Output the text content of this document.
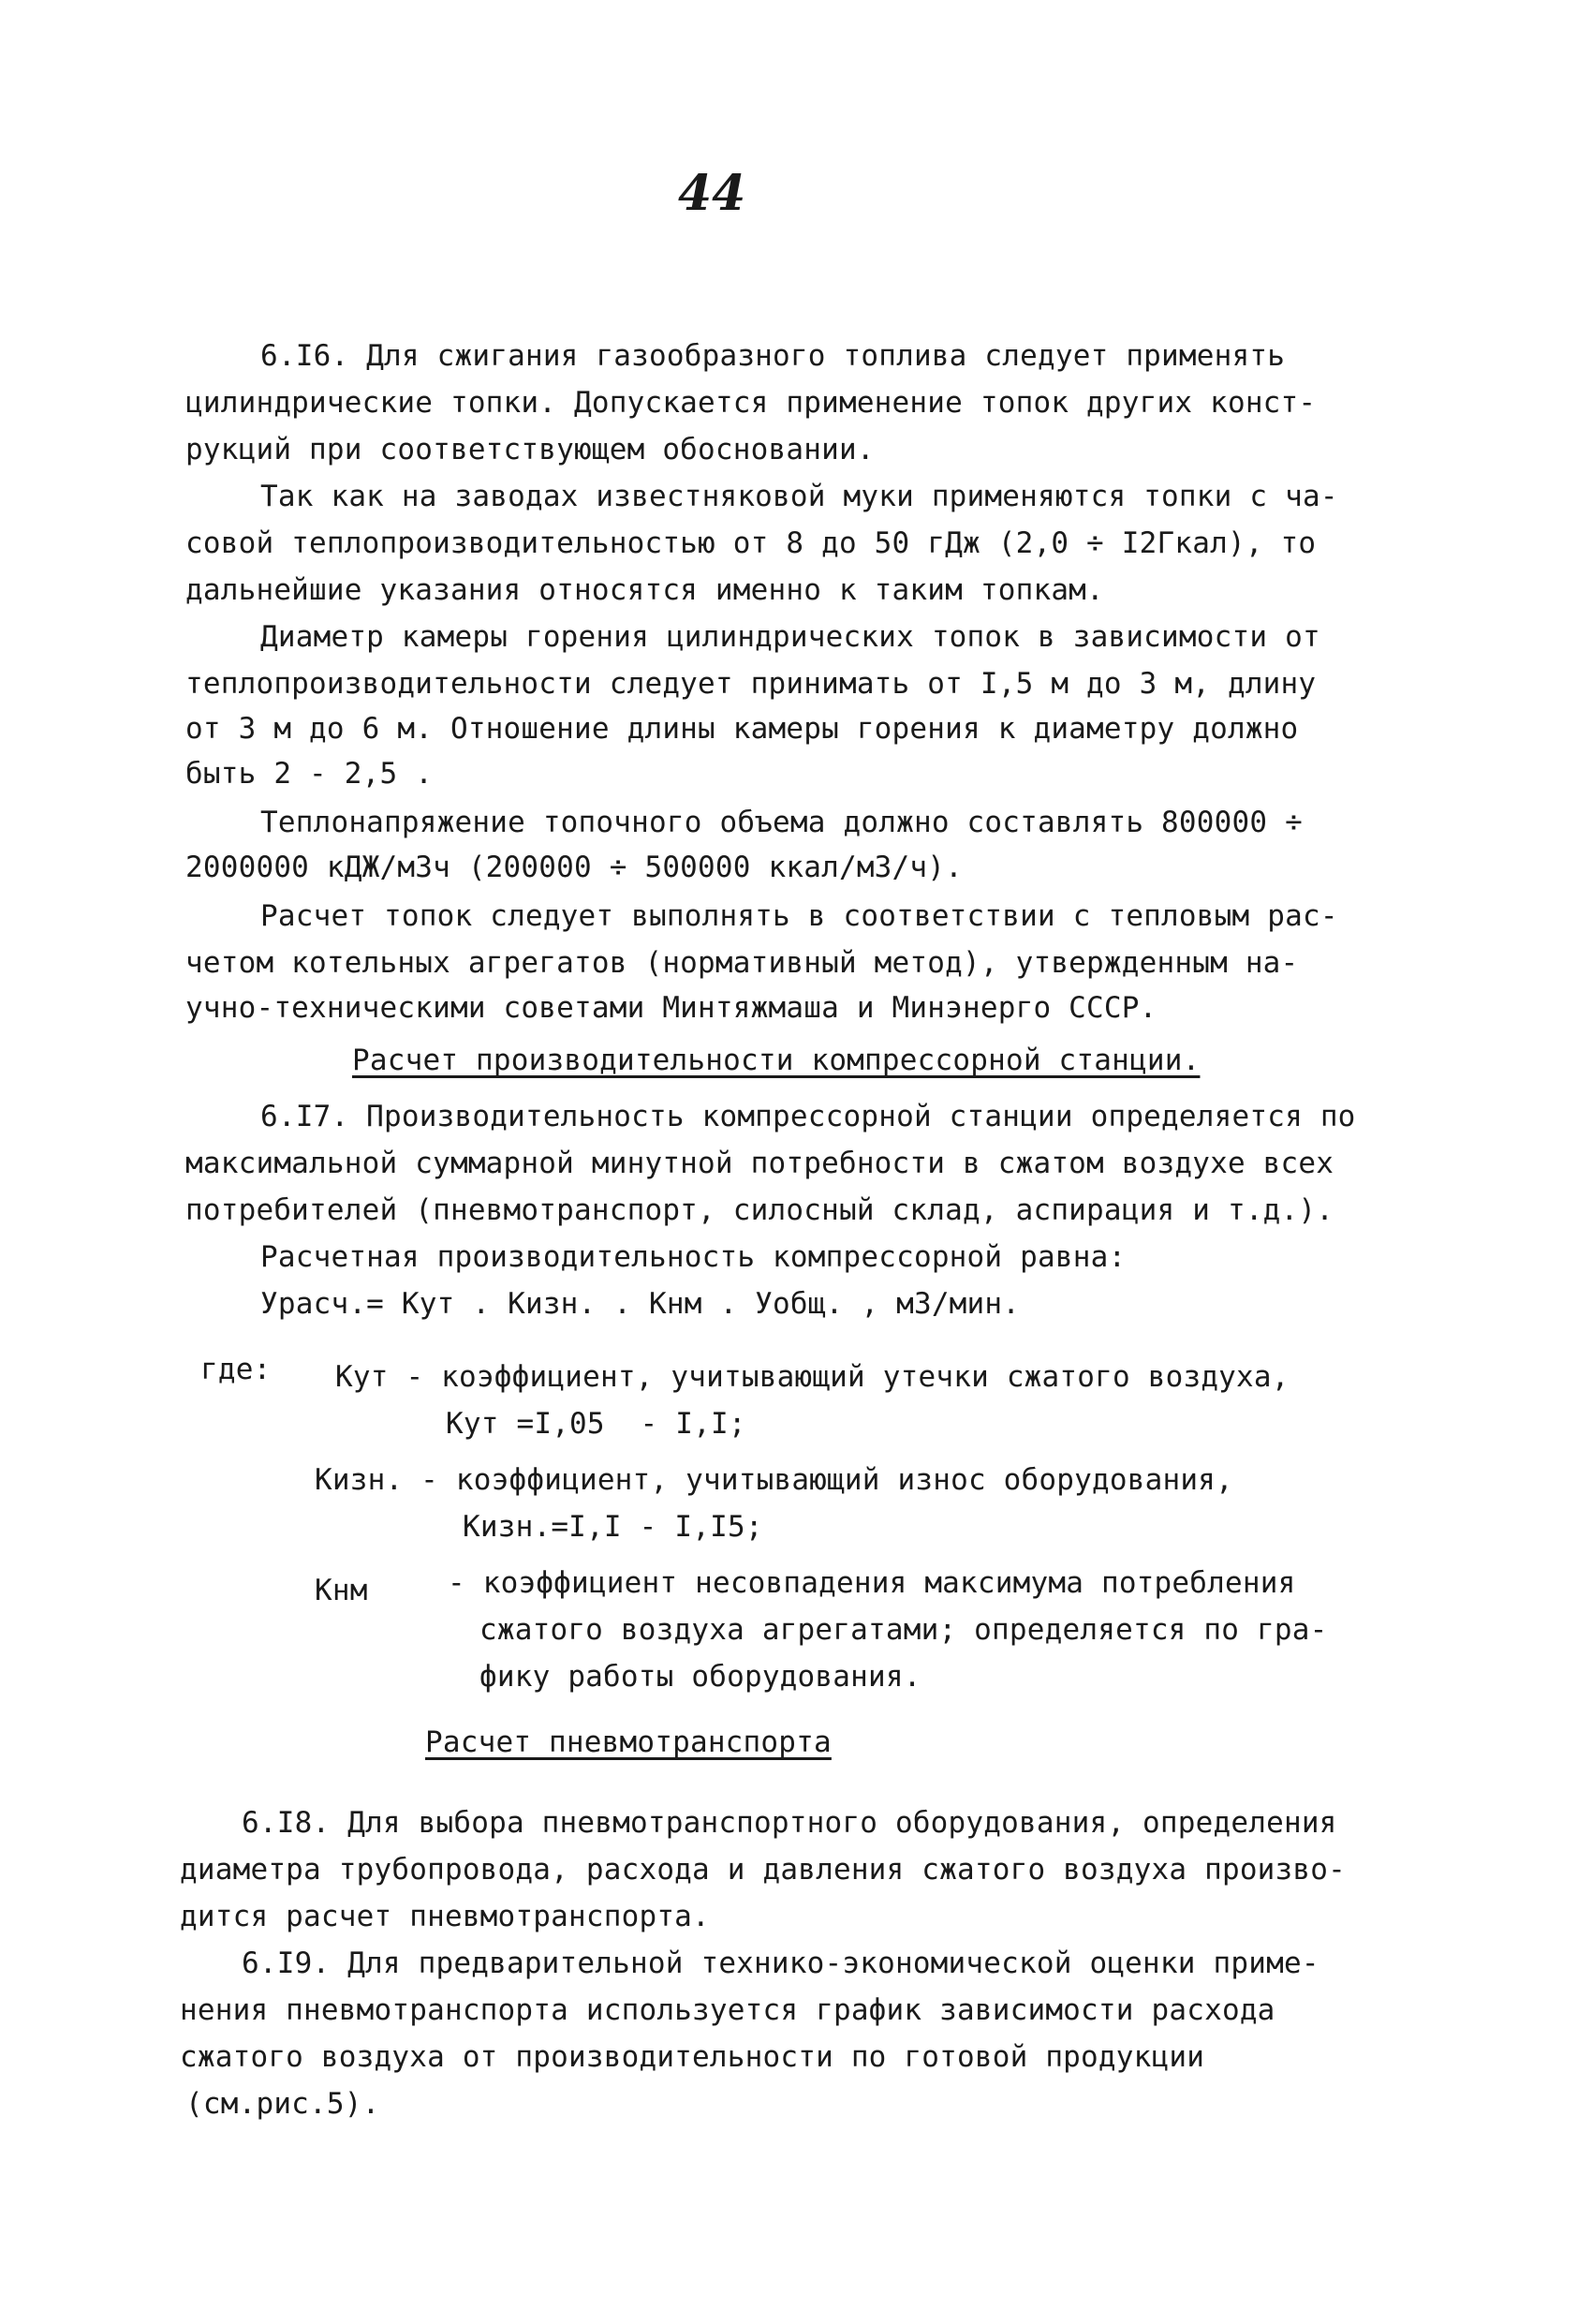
44
6.I6. Для сжигания газообразного топлива следует применять
цилиндрические топки. Допускается применение топок других конст-
рукций при соответствующем обосновании.
Так как на заводах известняковой муки применяются топки с ча-
совой теплопроизводительностью от 8 до 50 гДж (2,0 ÷ I2Гкал), то
дальнейшие указания относятся именно к таким топкам.
Диаметр камеры горения цилиндрических топок в зависимости от
теплопроизводительности следует принимать от I,5 м до 3 м, длину
от 3 м до 6 м. Отношение длины камеры горения к диаметру должно
быть 2 - 2,5 .
Теплонапряжение топочного объема должно составлять 800000 ÷
2000000 кДЖ/м3ч (200000 ÷ 500000 ккал/м3/ч).
Расчет топок следует выполнять в соответствии с тепловым рас-
четом котельных агрегатов (нормативный метод), утвержденным на-
учно-техническими советами Минтяжмаша и Минэнерго СССР.
Расчет производительности компрессорной станции.
6.I7. Производительность компрессорной станции определяется по
максимальной суммарной минутной потребности в сжатом воздухе всех
потребителей (пневмотранспорт, силосный склад, аспирация и т.д.).
Расчетная производительность компрессорной равна:
Урасч.= Кут . Кизн. . Кнм . Уобщ. , м3/мин.
где: Кут - коэффициент, учитывающий утечки сжатого воздуха,
Кут =I,05  - I,I;
Кизн. - коэффициент, учитывающий износ оборудования,
Кизн.=I,I - I,I5;
Кнм	- коэффициент несовпадения максимума потребления
сжатого воздуха агрегатами; определяется по гра-
фику работы оборудования.
Расчет пневмотранспорта
6.I8. Для выбора пневмотранспортного оборудования, определения
диаметра трубопровода, расхода и давления сжатого воздуха произво-
дится расчет пневмотранспорта.
6.I9. Для предварительной технико-экономической оценки приме-
нения пневмотранспорта используется график зависимости расхода
сжатого воздуха от производительности по готовой продукции
(см.рис.5).
